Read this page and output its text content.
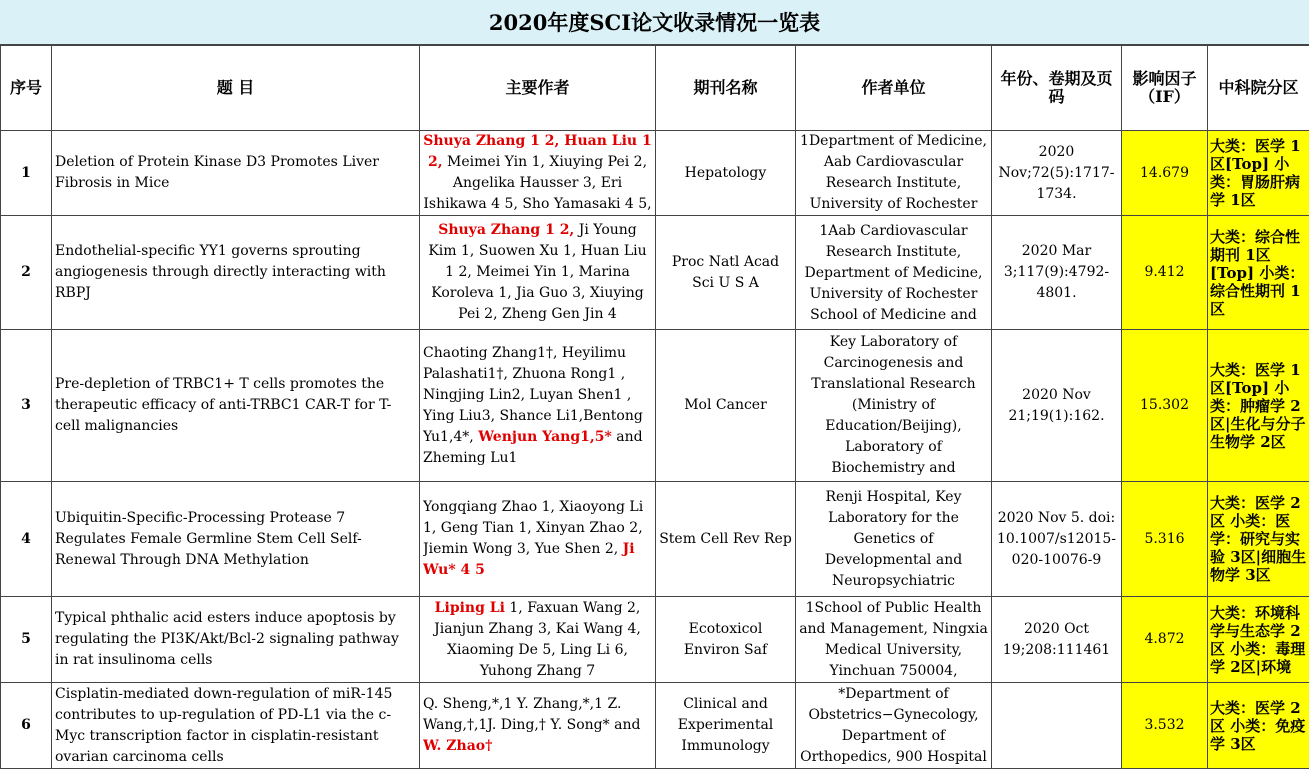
2020年度SCI论文收录情况一览表
序号	题 目	主要作者	期刊名称	作者单位	年份、卷期及页码	影响因子（IF）	中科院分区
1	Deletion of Protein Kinase D3 Promotes Liver Fibrosis in Mice	Shuya Zhang 1 2, Huan Liu 1 2, Meimei Yin 1, Xiuying Pei 2, Angelika Hausser 3, Eri Ishikawa 4 5, Sho Yamasaki 4 5,	Hepatology	1Department of Medicine, Aab Cardiovascular Research Institute, University of Rochester	2020 Nov;72(5):1717-1734.	14.679	大类：医学 1区[Top] 小类：胃肠肝病学 1区

2	Endothelial-specific YY1 governs sprouting angiogenesis through directly interacting with RBPJ	Shuya Zhang 1 2, Ji Young Kim 1, Suowen Xu 1, Huan Liu 1 2, Meimei Yin 1, Marina Koroleva 1, Jia Guo 3, Xiuying Pei 2, Zheng Gen Jin 4	Proc Natl Acad Sci U S A	1Aab Cardiovascular Research Institute, Department of Medicine, University of Rochester School of Medicine and	2020 Mar 3;117(9):4792-4801.	9.412	大类：综合性期刊 1区[Top] 小类：综合性期刊 1区

3	Pre-depletion of TRBC1+ T cells promotes the therapeutic efficacy of anti-TRBC1 CAR-T for T-cell malignancies	Chaoting Zhang1†, Heyilimu Palashati1†, Zhuona Rong1 , Ningjing Lin2, Luyan Shen1 , Ying Liu3, Shance Li1,Bentong Yu1,4*, Wenjun Yang1,5* and Zheming Lu1	Mol Cancer	Key Laboratory of Carcinogenesis and Translational Research (Ministry of Education/Beijing), Laboratory of Biochemistry and	2020 Nov 21;19(1):162.	15.302	大类：医学 1区[Top] 小类：肿瘤学 2区|生化与分子生物学 2区

4	Ubiquitin-Specific-Processing Protease 7 Regulates Female Germline Stem Cell Self-Renewal Through DNA Methylation	Yongqiang Zhao 1, Xiaoyong Li 1, Geng Tian 1, Xinyan Zhao 2, Jiemin Wong 3, Yue Shen 2, Ji Wu* 4 5	Stem Cell Rev Rep	Renji Hospital, Key Laboratory for the Genetics of Developmental and Neuropsychiatric	2020 Nov 5. doi: 10.1007/s12015-020-10076-9	5.316	大类：医学 2区 小类：医学：研究与实验 3区|细胞生物学 3区

5	Typical phthalic acid esters induce apoptosis by regulating the PI3K/Akt/Bcl-2 signaling pathway in rat insulinoma cells	Liping Li 1, Faxuan Wang 2, Jianjun Zhang 3, Kai Wang 4, Xiaoming De 5, Ling Li 6, Yuhong Zhang 7	Ecotoxicol Environ Saf	1School of Public Health and Management, Ningxia Medical University, Yinchuan 750004,	2020 Oct 19;208:111461	4.872	大类：环境科学与生态学 2区 小类：毒理学 2区|环境

6	Cisplatin-mediated down-regulation of miR-145 contributes to up-regulation of PD-L1 via the c-Myc transcription factor in cisplatin-resistant ovarian carcinoma cells	Q. Sheng,*,1 Y. Zhang,*,1 Z. Wang,†,1J. Ding,† Y. Song* and W. Zhao†	Clinical and Experimental Immunology	*Department of Obstetrics−Gynecology, Department of Orthopedics, 900 Hospital		3.532	大类：医学 2区 小类：免疫学 3区
